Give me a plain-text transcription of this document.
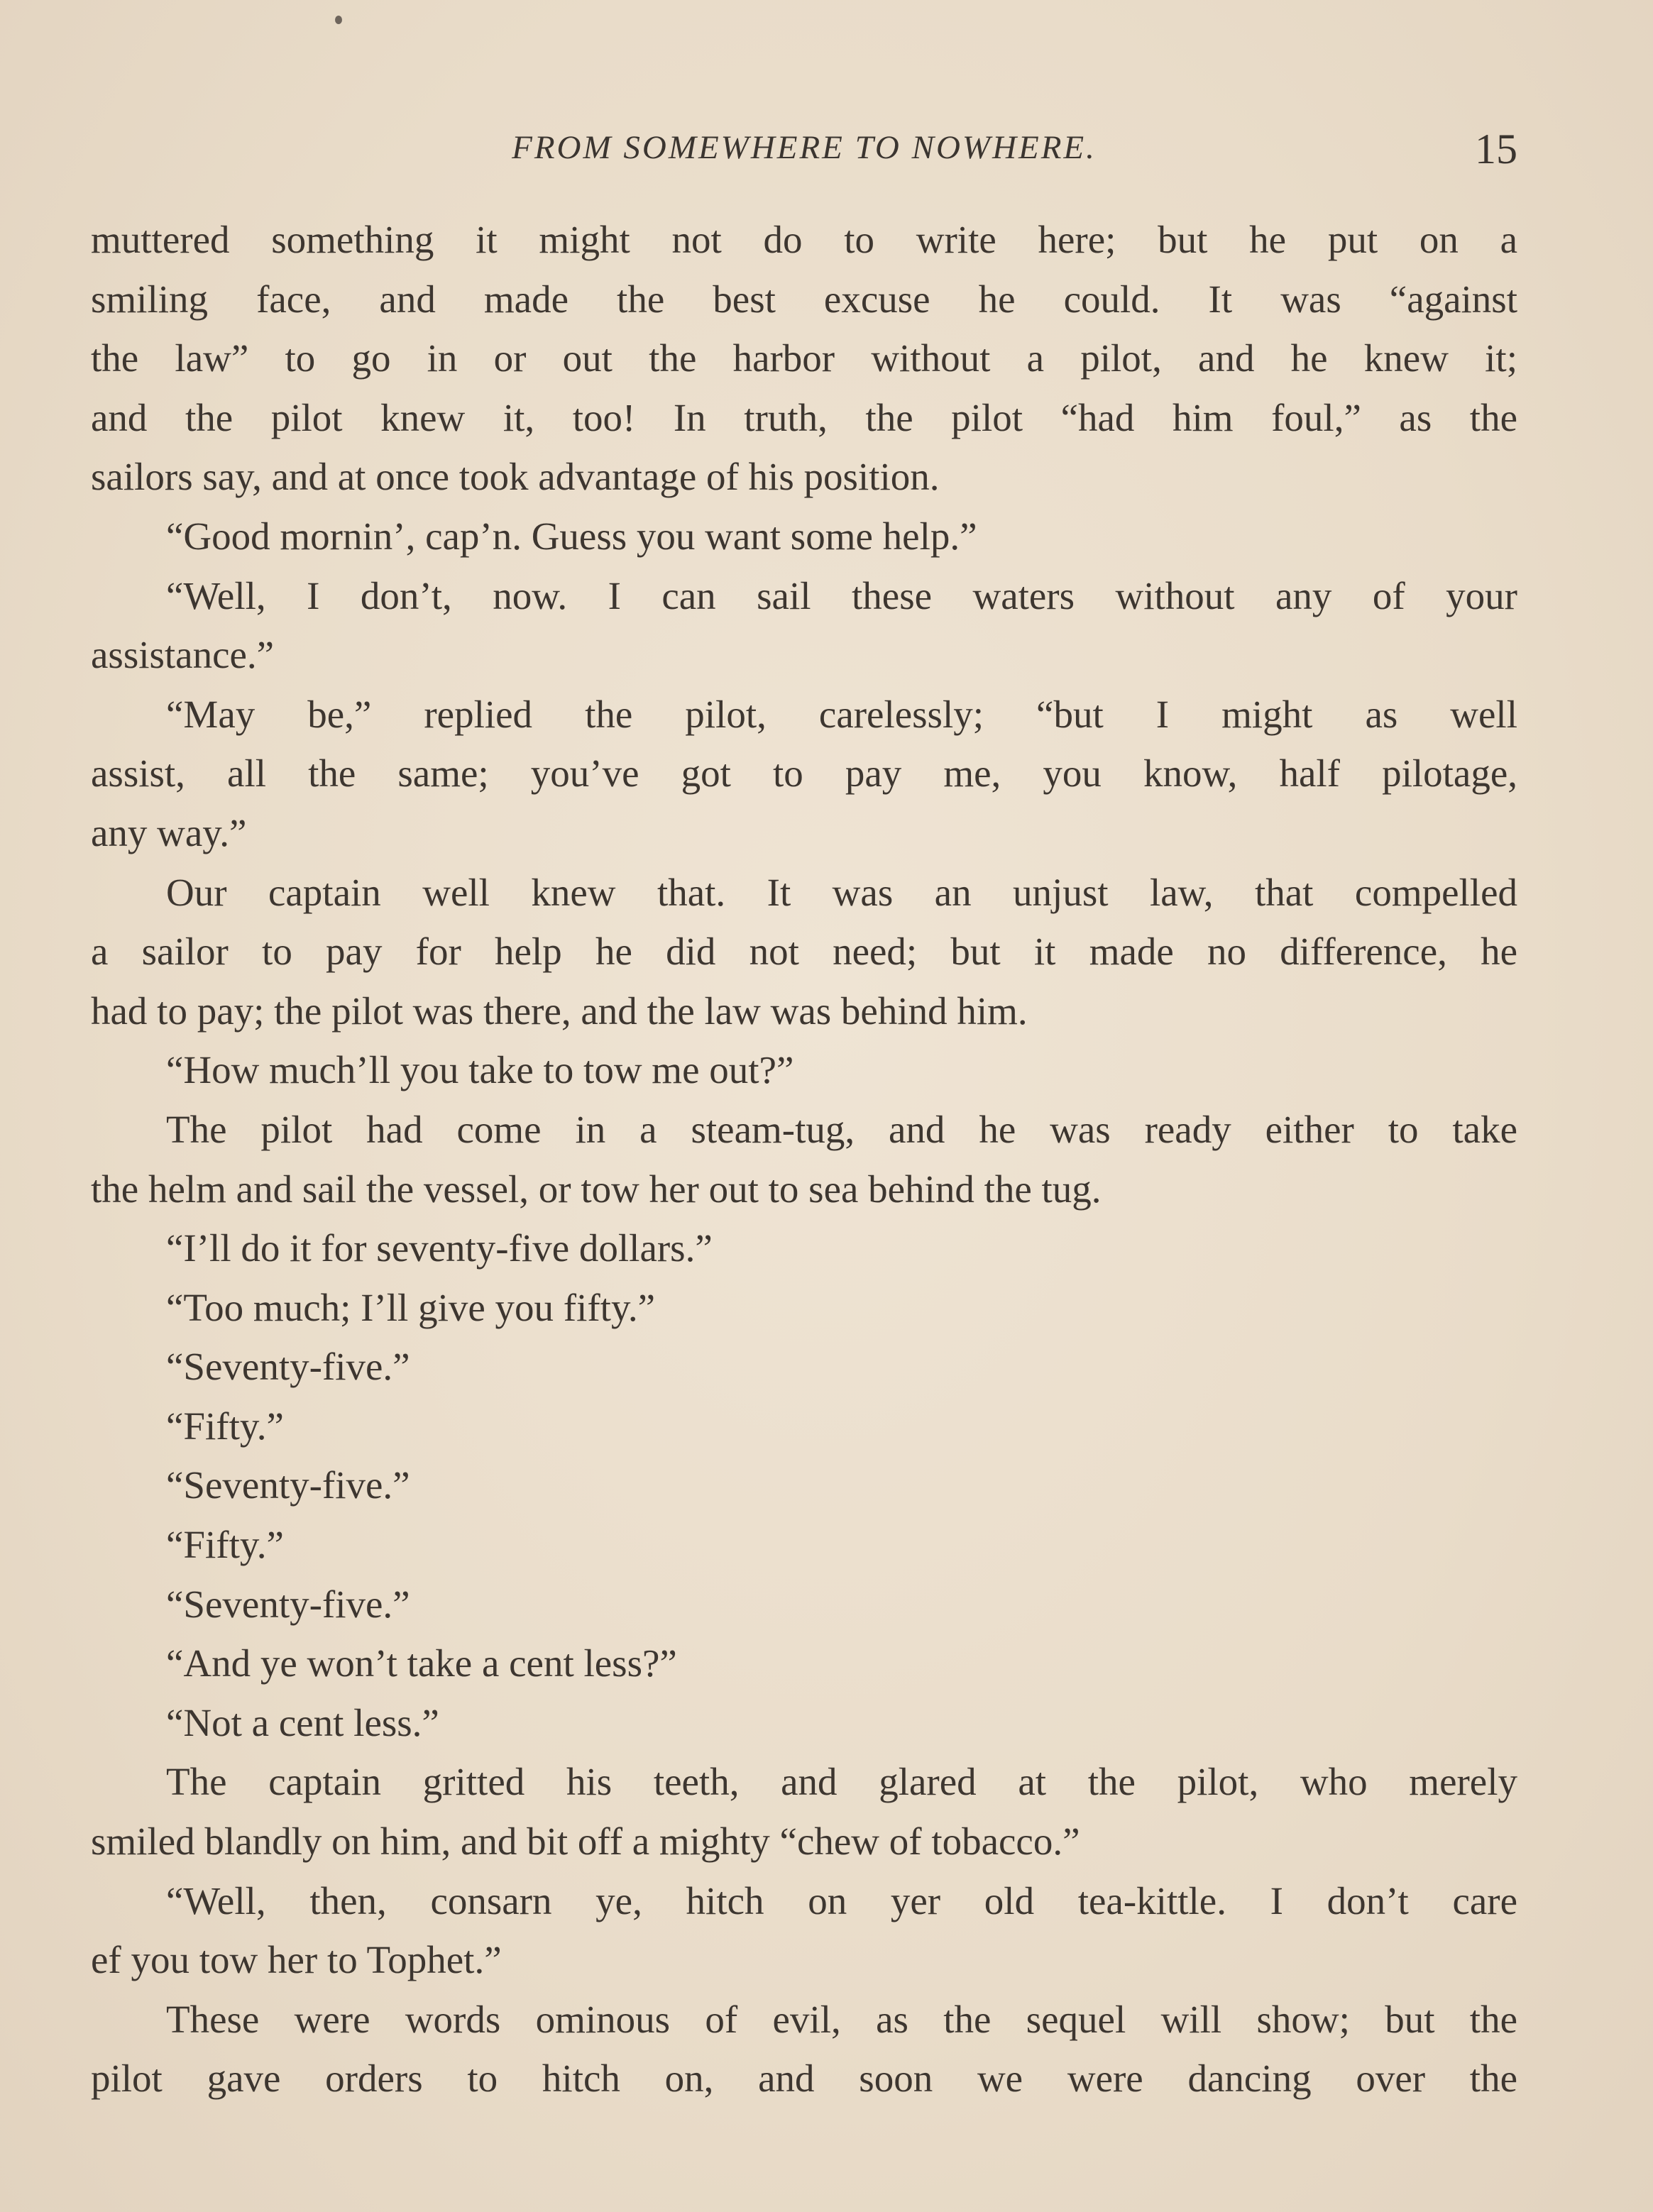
FROM SOMEWHERE TO NOWHERE.	15
muttered something it might not do to write here; but he put on a
smiling face, and made the best excuse he could. It was “against
the law” to go in or out the harbor without a pilot, and he knew it;
and the pilot knew it, too! In truth, the pilot “had him foul,” as the
sailors say, and at once took advantage of his position.
“Good mornin’, cap’n. Guess you want some help.”
“Well, I don’t, now. I can sail these waters without any of your
assistance.”
“May be,” replied the pilot, carelessly; “but I might as well
assist, all the same; you’ve got to pay me, you know, half pilotage,
any way.”
Our captain well knew that. It was an unjust law, that compelled
a sailor to pay for help he did not need; but it made no difference, he
had to pay; the pilot was there, and the law was behind him.
“How much’ll you take to tow me out?”
The pilot had come in a steam-tug, and he was ready either to take
the helm and sail the vessel, or tow her out to sea behind the tug.
“I’ll do it for seventy-five dollars.”
“Too much; I’ll give you fifty.”
“Seventy-five.”
“Fifty.”
“Seventy-five.”
“Fifty.”
“Seventy-five.”
“And ye won’t take a cent less?”
“Not a cent less.”
The captain gritted his teeth, and glared at the pilot, who merely
smiled blandly on him, and bit off a mighty “chew of tobacco.”
“Well, then, consarn ye, hitch on yer old tea-kittle. I don’t care
ef you tow her to Tophet.”
These were words ominous of evil, as the sequel will show; but the
pilot gave orders to hitch on, and soon we were dancing over the
